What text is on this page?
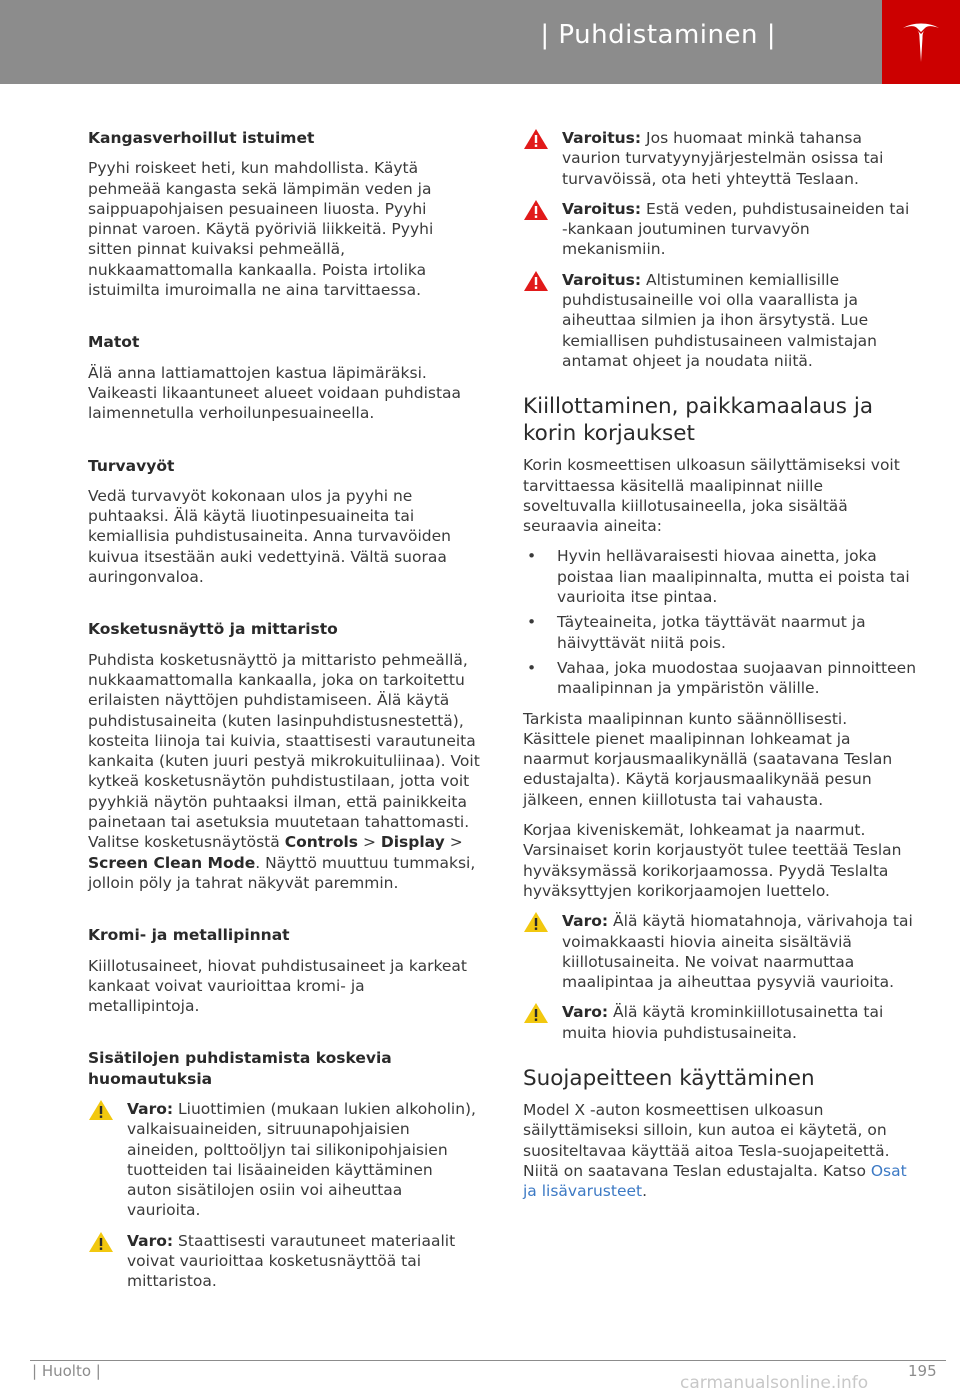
| Puhdistaminen |
Kangasverhoillut istuimet

Pyyhi roiskeet heti, kun mahdollista. Käytä pehmeää kangasta sekä lämpimän veden ja saippuapohjaisen pesuaineen liuosta. Pyyhi pinnat varoen. Käytä pyöriviä liikkeitä. Pyyhi sitten pinnat kuivaksi pehmeällä, nukkaamattomalla kankaalla. Poista irtolika istuimilta imuroimalla ne aina tarvittaessa.

Matot

Älä anna lattiamattojen kastua läpimäräksi. Vaikeasti likaantuneet alueet voidaan puhdistaa laimennetulla verhoilunpesuaineella.

Turvavyöt

Vedä turvavyöt kokonaan ulos ja pyyhi ne puhtaaksi. Älä käytä liuotinpesuaineita tai kemiallisia puhdistusaineita. Anna turvavöiden kuivua itsestään auki vedettyinä. Vältä suoraa auringonvaloa.

Kosketusnäyttö ja mittaristo

Puhdista kosketusnäyttö ja mittaristo pehmeällä, nukkaamattomalla kankaalla, joka on tarkoitettu erilaisten näyttöjen puhdistamiseen. Älä käytä puhdistusaineita (kuten lasinpuhdistusnestettä), kosteita liinoja tai kuivia, staattisesti varautuneita kankaita (kuten juuri pestyä mikrokuituliinaa). Voit kytkeä kosketusnäytön puhdistustilaan, jotta voit pyyhkiä näytön puhtaaksi ilman, että painikkeita painetaan tai asetuksia muutetaan tahattomasti. Valitse kosketusnäytöstä Controls > Display > Screen Clean Mode. Näyttö muuttuu tummaksi, jolloin pöly ja tahrat näkyvät paremmin.

Kromi- ja metallipinnat

Kiillotusaineet, hiovat puhdistusaineet ja karkeat kankaat voivat vaurioittaa kromi- ja metallipintoja.

Sisätilojen puhdistamista koskevia huomautuksia
Varo: Liuottimien (mukaan lukien alkoholin), valkaisuaineiden, sitruunapohjaisien aineiden, polttoöljyn tai silikonipohjaisien tuotteiden tai lisäaineiden käyttäminen auton sisätilojen osiin voi aiheuttaa vaurioita.
Varo: Staattisesti varautuneet materiaalit voivat vaurioittaa kosketusnäyttöä tai mittaristoa.
Varoitus: Jos huomaat minkä tahansa vaurion turvatyynyjärjestelmän osissa tai turvavöissä, ota heti yhteyttä Teslaan.
Varoitus: Estä veden, puhdistusaineiden tai -kankaan joutuminen turvavyön mekanismiin.
Varoitus: Altistuminen kemiallisille puhdistusaineille voi olla vaarallista ja aiheuttaa silmien ja ihon ärsytystä. Lue kemiallisen puhdistusaineen valmistajan antamat ohjeet ja noudata niitä.
Kiillottaminen, paikkamaalaus ja korin korjaukset

Korin kosmeettisen ulkoasun säilyttämiseksi voit tarvittaessa käsitellä maalipinnat niille soveltuvalla kiillotusaineella, joka sisältää seuraavia aineita:

• Hyvin hellävaraisesti hiovaa ainetta, joka poistaa lian maalipinnalta, mutta ei poista tai vaurioita itse pintaa.
• Täyteaineita, jotka täyttävät naarmut ja häivyttävät niitä pois.
• Vahaa, joka muodostaa suojaavan pinnoitteen maalipinnan ja ympäristön välille.

Tarkista maalipinnan kunto säännöllisesti. Käsittele pienet maalipinnan lohkeamat ja naarmut korjausmaalikynällä (saatavana Teslan edustajalta). Käytä korjausmaalikynää pesun jälkeen, ennen kiillotusta tai vahausta.

Korjaa kiveniskemät, lohkeamat ja naarmut. Varsinaiset korin korjaustyöt tulee teettää Teslan hyväksymässä korikorjaamossa. Pyydä Teslalta hyväksyttyjen korikorjaamojen luettelo.

Varo: Älä käytä hiomatahnoja, värivahoja tai voimakkaasti hiovia aineita sisältäviä kiillotusaineita. Ne voivat naarmuttaa maalipintaa ja aiheuttaa pysyviä vaurioita.
Varo: Älä käytä krominkiillotusainetta tai muita hiovia puhdistusaineita.
Suojapeitteen käyttäminen

Model X -auton kosmeettisen ulkoasun säilyttämiseksi silloin, kun autoa ei käytetä, on suositeltavaa käyttää aitoa Tesla-suojapeitettä. Niitä on saatavana Teslan edustajalta. Katso Osat ja lisävarusteet.

| Huolto |	195
carmanualsonline.info
